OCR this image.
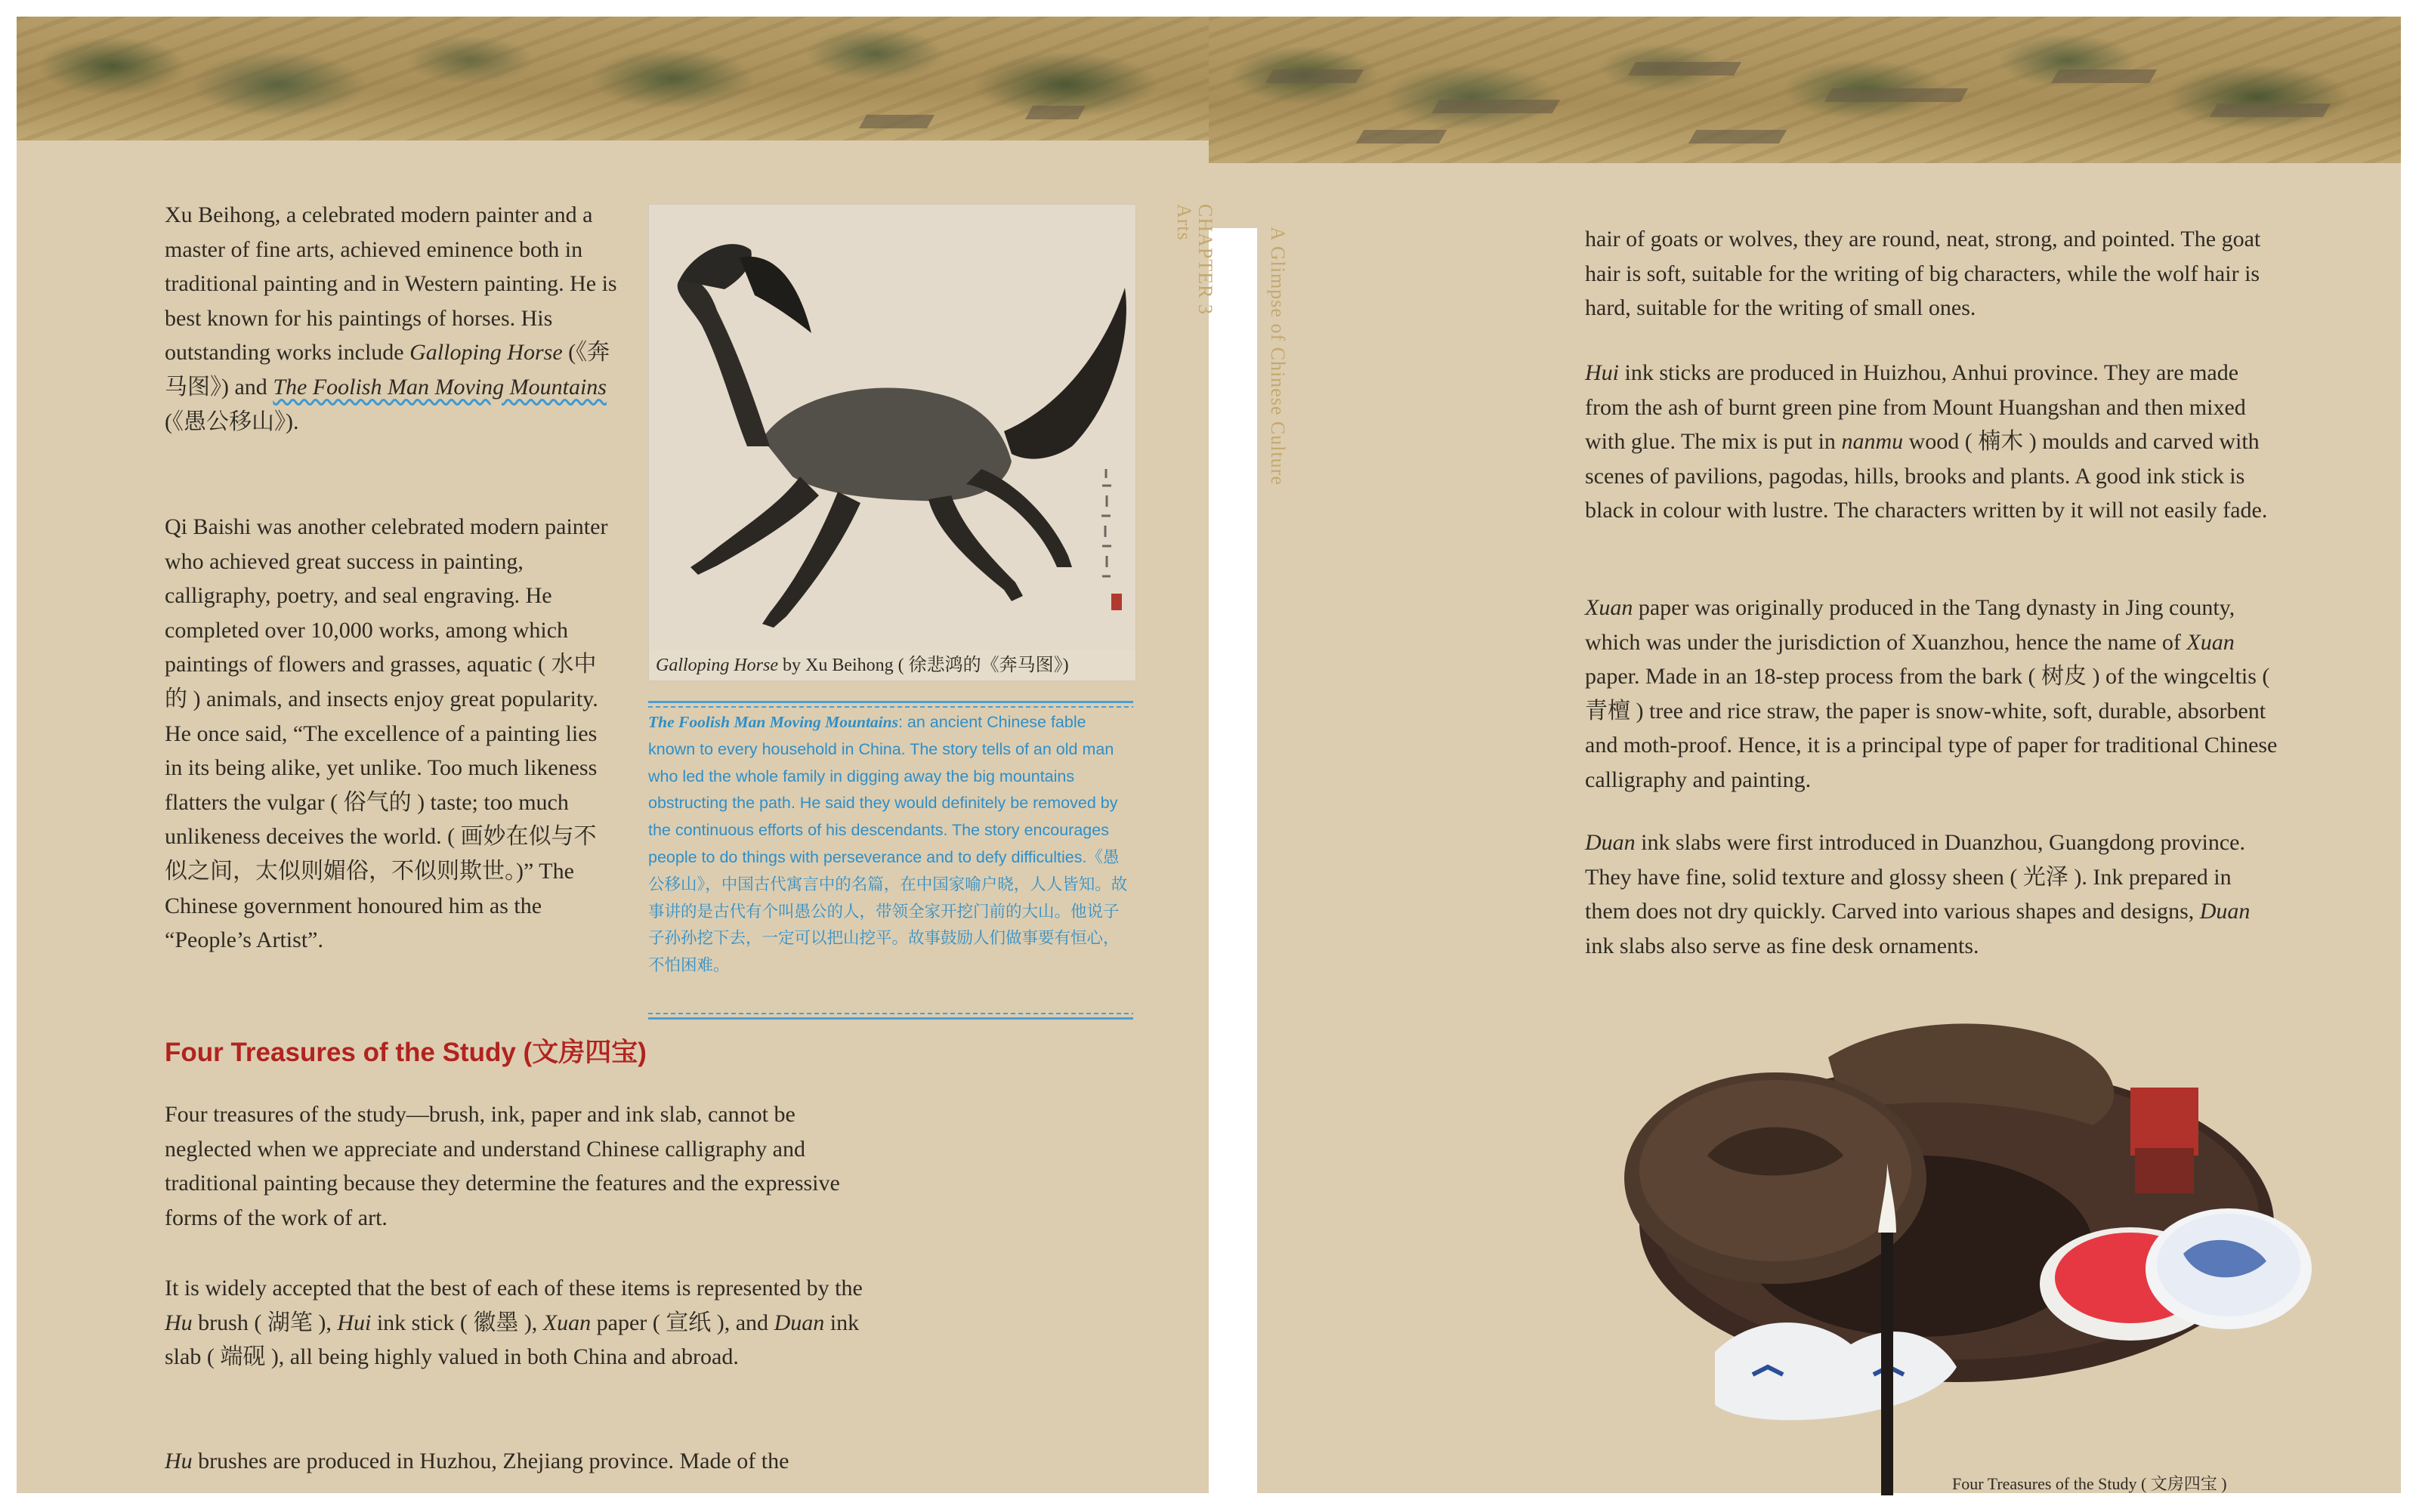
CHAPTER 3
Arts
A Glimpse of Chinese Culture

Xu Beihong, a celebrated modern painter and a master of fine arts, achieved eminence both in traditional painting and in Western painting. He is best known for his paintings of horses. His outstanding works include Galloping Horse (《奔马图》) and The Foolish Man Moving Mountains (《愚公移山》).

Qi Baishi was another celebrated modern painter who achieved great success in painting, calligraphy, poetry, and seal engraving. He completed over 10,000 works, among which paintings of flowers and grasses, aquatic ( 水中的 ) animals, and insects enjoy great popularity. He once said, “The excellence of a painting lies in its being alike, yet unlike. Too much likeness flatters the vulgar ( 俗气的 ) taste; too much unlikeness deceives the world. ( 画妙在似与不似之间，太似则媚俗，不似则欺世。)” The Chinese government honoured him as the “People’s Artist”.

Galloping Horse by Xu Beihong ( 徐悲鸿的《奔马图》)
The Foolish Man Moving Mountains: an ancient Chinese fable known to every household in China. The story tells of an old man who led the whole family in digging away the big mountains obstructing the path. He said they would definitely be removed by the continuous efforts of his descendants. The story encourages people to do things with perseverance and to defy difficulties.《愚公移山》，中国古代寓言中的名篇，在中国家喻户晓，人人皆知。故事讲的是古代有个叫愚公的人，带领全家开挖门前的大山。他说子子孙孙挖下去，一定可以把山挖平。故事鼓励人们做事要有恒心，不怕困难。
Four Treasures of the Study (文房四宝)

Four treasures of the study—brush, ink, paper and ink slab, cannot be neglected when we appreciate and understand Chinese calligraphy and traditional painting because they determine the features and the expressive forms of the work of art.

It is widely accepted that the best of each of these items is represented by the Hu brush ( 湖笔 ), Hui ink stick ( 徽墨 ), Xuan paper ( 宣纸 ), and Duan ink slab ( 端砚 ), all being highly valued in both China and abroad.

Hu brushes are produced in Huzhou, Zhejiang province. Made of the

hair of goats or wolves, they are round, neat, strong, and pointed. The goat hair is soft, suitable for the writing of big characters, while the wolf hair is hard, suitable for the writing of small ones.

Hui ink sticks are produced in Huizhou, Anhui province. They are made from the ash of burnt green pine from Mount Huangshan and then mixed with glue. The mix is put in nanmu wood ( 楠木 ) moulds and carved with scenes of pavilions, pagodas, hills, brooks and plants. A good ink stick is black in colour with lustre. The characters written by it will not easily fade.

Xuan paper was originally produced in the Tang dynasty in Jing county, which was under the jurisdiction of Xuanzhou, hence the name of Xuan paper. Made in an 18-step process from the bark ( 树皮 ) of the wingceltis ( 青檀 ) tree and rice straw, the paper is snow-white, soft, durable, absorbent and moth-proof. Hence, it is a principal type of paper for traditional Chinese calligraphy and painting.

Duan ink slabs were first introduced in Duanzhou, Guangdong province. They have fine, solid texture and glossy sheen ( 光泽 ). Ink prepared in them does not dry quickly. Carved into various shapes and designs, Duan ink slabs also serve as fine desk ornaments.

Four Treasures of the Study ( 文房四宝 )
